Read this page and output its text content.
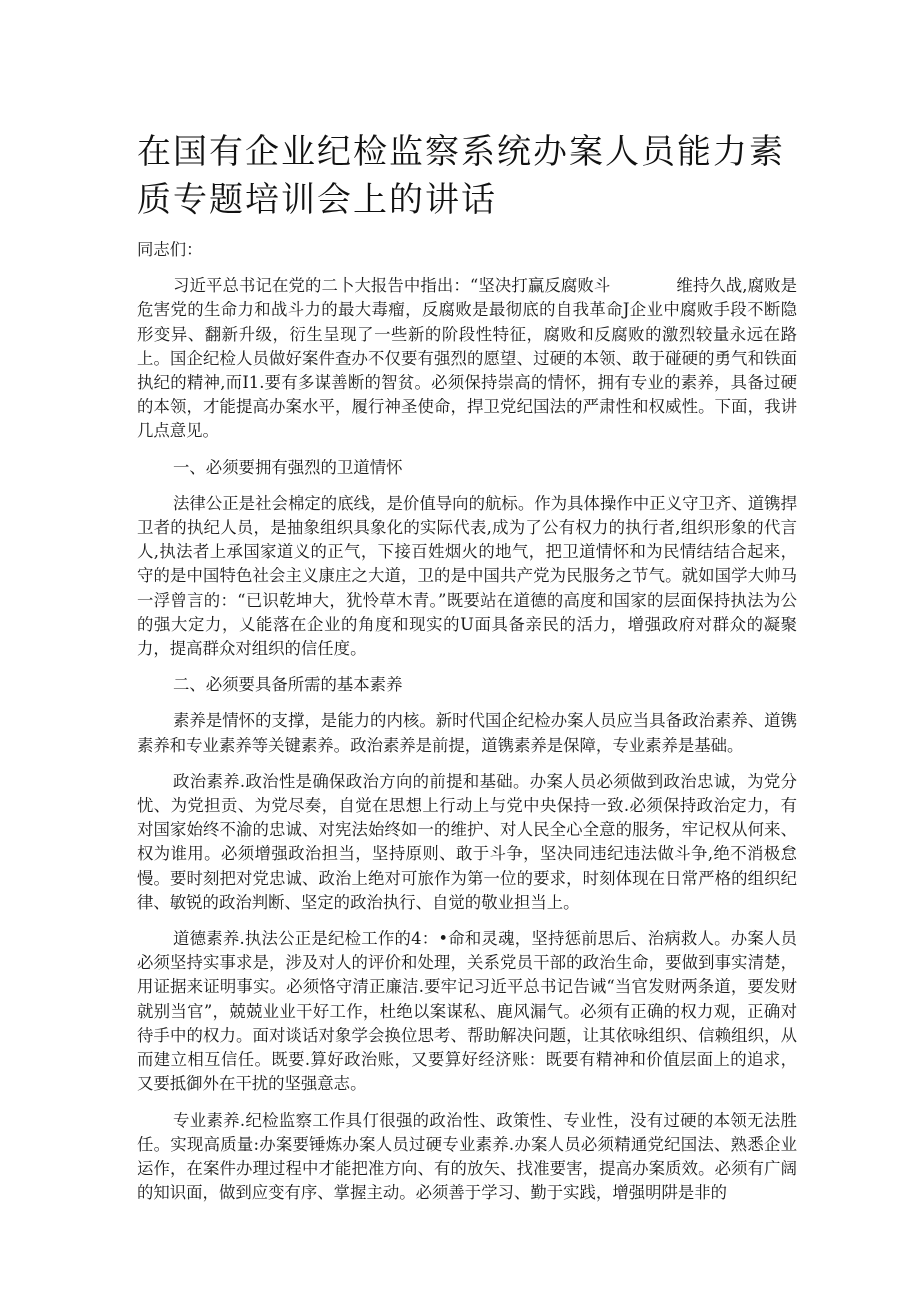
在国有企业纪检监察系统办案人员能力素质专题培训会上的讲话

同志们：

习近平总书记在党的二卜大报告中指出：“坚决打赢反腐败斗　　　　维持久战,腐败是危害党的生命力和战斗力的最大毒瘤，反腐败是最彻底的自我革命J企业中腐败手段不断隐形变异、翻新升级，衍生呈现了一些新的阶段性特征，腐败和反腐败的激烈较量永远在路上。国企纪检人员做好案件查办不仅要有强烈的愿望、过硬的本领、敢于碰硬的勇气和铁面执纪的精神,而I1.要有多谋善断的智贫。必须保持崇高的情怀，拥有专业的素养，具备过硬的本领，才能提高办案水平，履行神圣使命，捍卫党纪国法的严肃性和权威性。下面，我讲几点意见。

一、必须要拥有强烈的卫道情怀

法律公正是社会棉定的底线，是价值导向的航标。作为具体操作中正义守卫齐、道镌捍卫者的执纪人员，是抽象组织具象化的实际代表,成为了公有权力的执行者,组织形象的代言人,执法者上承国家道义的正气，下接百姓烟火的地气，把卫道情怀和为民情结结合起来，守的是中国特色社会主义康庄之大道，卫的是中国共产党为民服务之节气。就如国学大帅马一浮曾言的：“已识乾坤大，犹怜草木青。”既要站在道德的高度和国家的层面保持执法为公的强大定力，乂能落在企业的角度和现实的U面具备亲民的活力，增强政府对群众的凝聚力，提高群众对组织的信任度。

二、必须要具备所需的基本素养

素养是情怀的支撑，是能力的内核。新时代国企纪检办案人员应当具备政治素养、道镌素养和专业素养等关键素养。政治素养是前提，道镌素养是保障，专业素养是基础。

政治素养.政治性是确保政治方向的前提和基础。办案人员必须做到政治忠诚，为党分忧、为党担贡、为党尽奏，自觉在思想上行动上与党中央保持一致.必须保持政治定力，有对国家始终不渝的忠诚、对宪法始终如一的维护、对人民全心全意的服务，牢记权从何来、权为谁用。必须增强政治担当，坚持原则、敢于斗争，坚决同违纪违法做斗争,绝不消极怠慢。要时刻把对党忠诚、政治上绝对可旅作为第一位的要求，时刻体现在日常严格的组织纪律、敏锐的政治判断、坚定的政治执行、自觉的敬业担当上。

道德素养.执法公正是纪检工作的4：•命和灵魂，坚持惩前思后、治病救人。办案人员必须坚持实事求是，涉及对人的评价和处理，关系党员干部的政治生命，要做到事实清楚，用证据来证明事实。必须恪守清正廉洁.要牢记习近平总书记告诫“当官发财两条道，要发财就别当官”，兢兢业业干好工作，杜绝以案谋私、鹿风漏气。必须有正确的权力观，正确对待手中的权力。面对谈话对象学会换位思考、帮助解决问题，让其依咏组织、信赖组织，从而建立相互信任。既要.算好政治账，又要算好经济账：既要有精神和价值层面上的追求，又要抵御外在干扰的坚强意志。

专业素养.纪检监察工作具仃很强的政治性、政策性、专业性，没有过硬的本领无法胜任。实现高质量:办案要锤炼办案人员过硬专业素养.办案人员必须精通党纪国法、熟悉企业运作，在案件办理过程中才能把准方向、有的放矢、找准要害，提高办案质效。必须有广阔的知识面，做到应变有序、掌握主动。必须善于学习、勤于实践，增强明阱是非的
